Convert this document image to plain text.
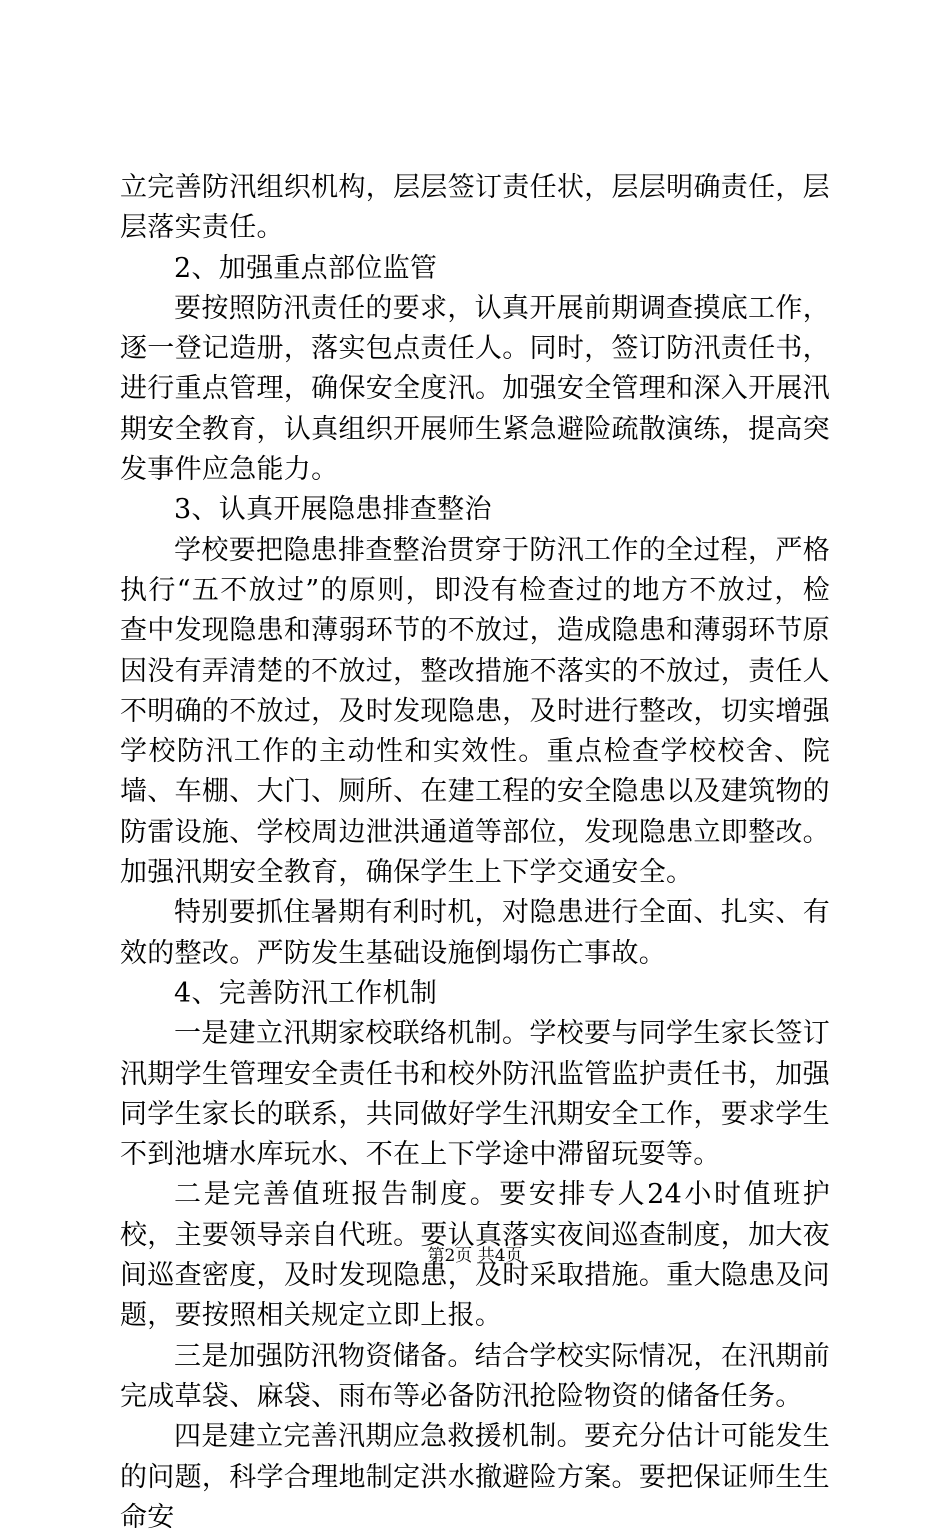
立完善防汛组织机构，层层签订责任状，层层明确责任，层层落实责任。

2、加强重点部位监管

要按照防汛责任的要求，认真开展前期调查摸底工作，逐一登记造册，落实包点责任人。同时，签订防汛责任书，进行重点管理，确保安全度汛。加强安全管理和深入开展汛期安全教育，认真组织开展师生紧急避险疏散演练，提高突发事件应急能力。

3、认真开展隐患排查整治

学校要把隐患排查整治贯穿于防汛工作的全过程，严格执行“五不放过”的原则，即没有检查过的地方不放过，检查中发现隐患和薄弱环节的不放过，造成隐患和薄弱环节原因没有弄清楚的不放过，整改措施不落实的不放过，责任人不明确的不放过，及时发现隐患，及时进行整改，切实增强学校防汛工作的主动性和实效性。重点检查学校校舍、院墙、车棚、大门、厕所、在建工程的安全隐患以及建筑物的防雷设施、学校周边泄洪通道等部位，发现隐患立即整改。加强汛期安全教育，确保学生上下学交通安全。

特别要抓住暑期有利时机，对隐患进行全面、扎实、有效的整改。严防发生基础设施倒塌伤亡事故。

4、完善防汛工作机制

一是建立汛期家校联络机制。学校要与同学生家长签订汛期学生管理安全责任书和校外防汛监管监护责任书，加强同学生家长的联系，共同做好学生汛期安全工作，要求学生不到池塘水库玩水、不在上下学途中滞留玩耍等。

二是完善值班报告制度。要安排专人24小时值班护校，主要领导亲自代班。要认真落实夜间巡查制度，加大夜间巡查密度，及时发现隐患，及时采取措施。重大隐患及问题，要按照相关规定立即上报。

三是加强防汛物资储备。结合学校实际情况，在汛期前完成草袋、麻袋、雨布等必备防汛抢险物资的储备任务。

四是建立完善汛期应急救援机制。要充分估计可能发生的问题，科学合理地制定洪水撤避险方案。要把保证师生生命安

第2页 共4页
